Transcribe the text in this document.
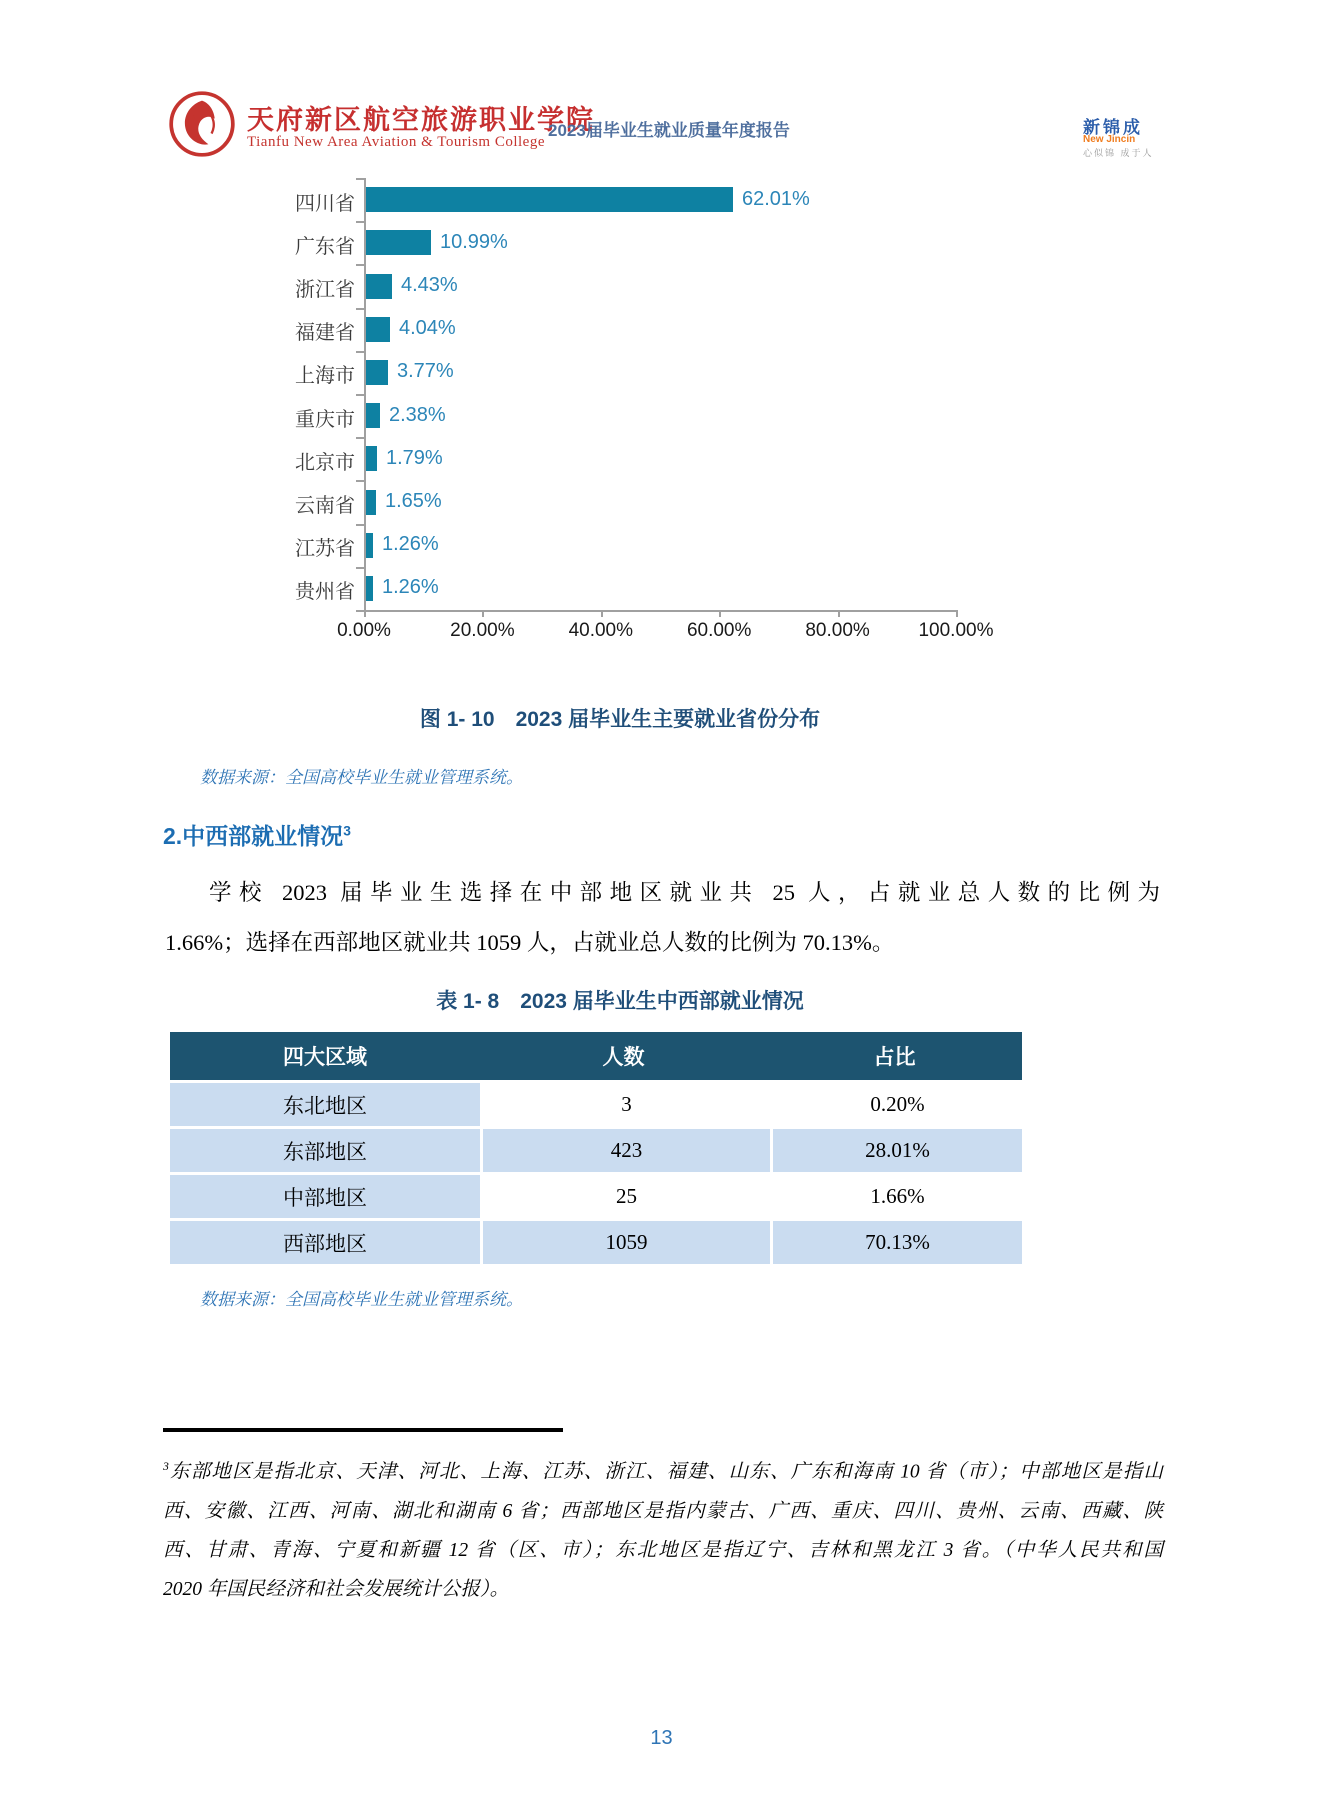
天府新区航空旅游职业学院
Tianfu New Area Aviation & Tourism College
2023届毕业生就业质量年度报告	新锦成
New Jincin
心似锦 成于人
四川省	62.01%
广东省	10.99%
浙江省 4.43%
福建省 4.04%
上海市 3.77%
重庆市 2.38%
北京市 1.79%
云南省 1.65%
江苏省 1.26%
贵州省 1.26%
0.00%	20.00%	40.00%	60.00%	80.00%	100.00%
图 1- 10　2023 届毕业生主要就业省份分布
数据来源：全国高校毕业生就业管理系统。
2.中西部就业情况$^3$
学校 2023 届毕业生选择在中部地区就业共 25 人，占就业总人数的比例为
1.66%；选择在西部地区就业共 1059 人，占就业总人数的比例为 70.13%。
表 1- 8　2023 届毕业生中西部就业情况
四大区域	人数	占比
东北地区	3	0.20%
东部地区	423	28.01%
中部地区	25	1.66%
西部地区	1059	70.13%
数据来源：全国高校毕业生就业管理系统。
$^3$东部地区是指北京、天津、河北、上海、江苏、浙江、福建、山东、广东和海南 10 省（市）；中部地区是指山
西、安徽、江西、河南、湖北和湖南 6 省；西部地区是指内蒙古、广西、重庆、四川、贵州、云南、西藏、陕
西、甘肃、青海、宁夏和新疆 12 省（区、市）；东北地区是指辽宁、吉林和黑龙江 3 省。（中华人民共和国
2020 年国民经济和社会发展统计公报）。
13
